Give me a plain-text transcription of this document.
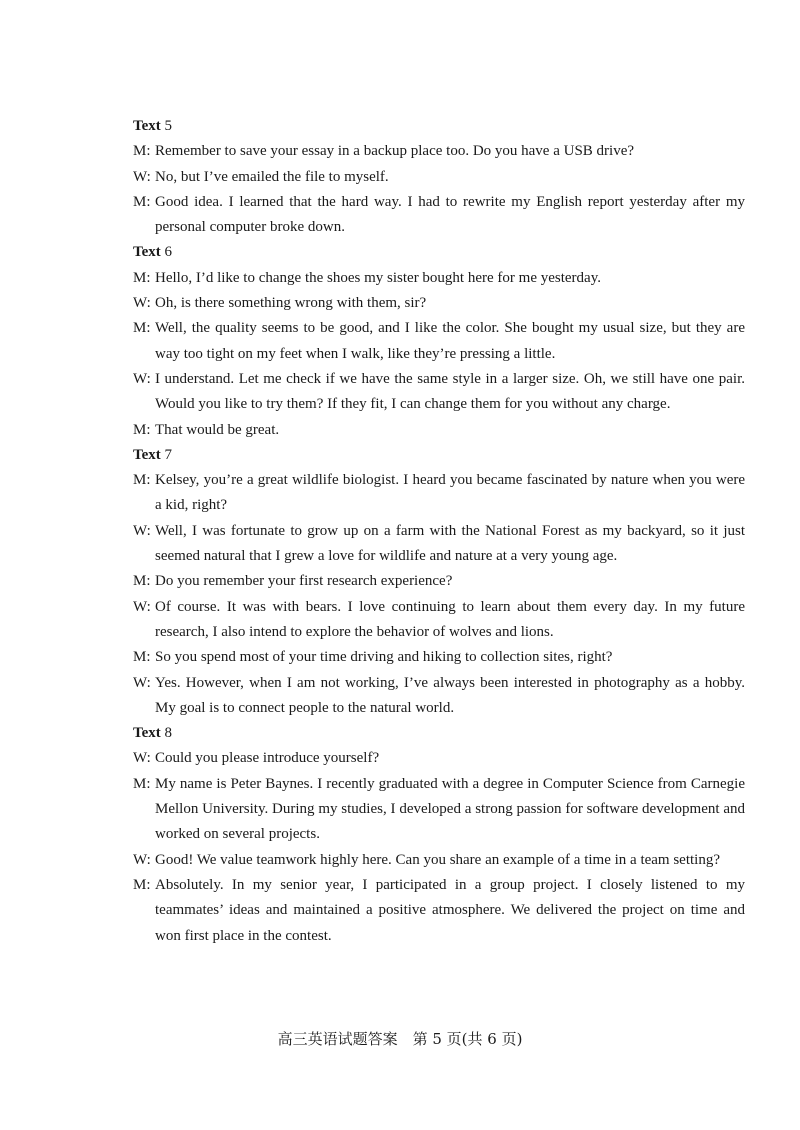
Text 5
M: Remember to save your essay in a backup place too. Do you have a USB drive?
W: No, but I’ve emailed the file to myself.
M: Good idea. I learned that the hard way. I had to rewrite my English report yesterday after my personal computer broke down.
Text 6
M: Hello, I’d like to change the shoes my sister bought here for me yesterday.
W: Oh, is there something wrong with them, sir?
M: Well, the quality seems to be good, and I like the color. She bought my usual size, but they are way too tight on my feet when I walk, like they’re pressing a little.
W: I understand. Let me check if we have the same style in a larger size. Oh, we still have one pair. Would you like to try them? If they fit, I can change them for you without any charge.
M: That would be great.
Text 7
M: Kelsey, you’re a great wildlife biologist. I heard you became fascinated by nature when you were a kid, right?
W: Well, I was fortunate to grow up on a farm with the National Forest as my backyard, so it just seemed natural that I grew a love for wildlife and nature at a very young age.
M: Do you remember your first research experience?
W: Of course. It was with bears. I love continuing to learn about them every day. In my future research, I also intend to explore the behavior of wolves and lions.
M: So you spend most of your time driving and hiking to collection sites, right?
W: Yes. However, when I am not working, I’ve always been interested in photography as a hobby. My goal is to connect people to the natural world.
Text 8
W: Could you please introduce yourself?
M: My name is Peter Baynes. I recently graduated with a degree in Computer Science from Carnegie Mellon University. During my studies, I developed a strong passion for software development and worked on several projects.
W: Good! We value teamwork highly here. Can you share an example of a time in a team setting?
M: Absolutely. In my senior year, I participated in a group project. I closely listened to my teammates’ ideas and maintained a positive atmosphere. We delivered the project on time and won first place in the contest.
高三英语试题答案　第 5 页(共 6 页)
